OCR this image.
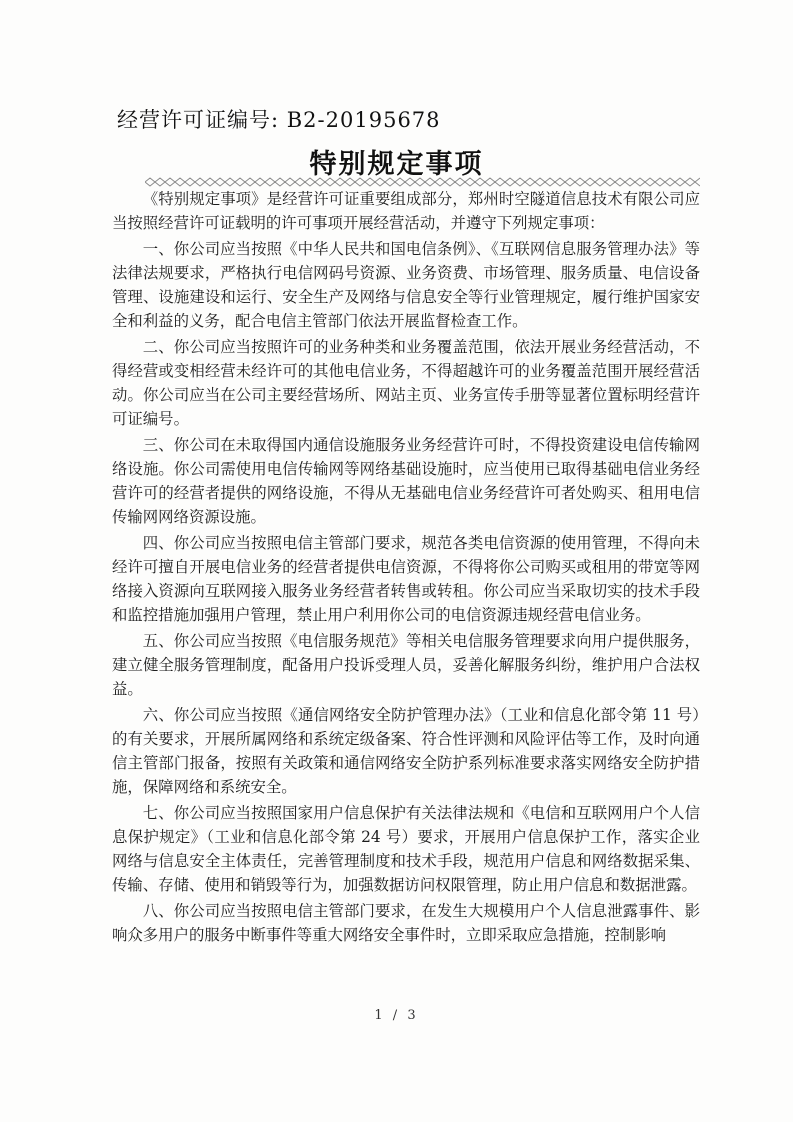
经营许可证编号: B2-20195678
特别规定事项

《特别规定事项》是经营许可证重要组成部分，郑州时空隧道信息技术有限公司应当按照经营许可证载明的许可事项开展经营活动，并遵守下列规定事项：

一、你公司应当按照《中华人民共和国电信条例》、《互联网信息服务管理办法》等法律法规要求，严格执行电信网码号资源、业务资费、市场管理、服务质量、电信设备管理、设施建设和运行、安全生产及网络与信息安全等行业管理规定，履行维护国家安全和利益的义务，配合电信主管部门依法开展监督检查工作。

二、你公司应当按照许可的业务种类和业务覆盖范围，依法开展业务经营活动，不得经营或变相经营未经许可的其他电信业务，不得超越许可的业务覆盖范围开展经营活动。你公司应当在公司主要经营场所、网站主页、业务宣传手册等显著位置标明经营许可证编号。

三、你公司在未取得国内通信设施服务业务经营许可时，不得投资建设电信传输网络设施。你公司需使用电信传输网等网络基础设施时，应当使用已取得基础电信业务经营许可的经营者提供的网络设施，不得从无基础电信业务经营许可者处购买、租用电信传输网网络资源设施。

四、你公司应当按照电信主管部门要求，规范各类电信资源的使用管理，不得向未经许可擅自开展电信业务的经营者提供电信资源，不得将你公司购买或租用的带宽等网络接入资源向互联网接入服务业务经营者转售或转租。你公司应当采取切实的技术手段和监控措施加强用户管理，禁止用户利用你公司的电信资源违规经营电信业务。

五、你公司应当按照《电信服务规范》等相关电信服务管理要求向用户提供服务，建立健全服务管理制度，配备用户投诉受理人员，妥善化解服务纠纷，维护用户合法权益。

六、你公司应当按照《通信网络安全防护管理办法》（工业和信息化部令第 11 号）的有关要求，开展所属网络和系统定级备案、符合性评测和风险评估等工作，及时向通信主管部门报备，按照有关政策和通信网络安全防护系列标准要求落实网络安全防护措施，保障网络和系统安全。

七、你公司应当按照国家用户信息保护有关法律法规和《电信和互联网用户个人信息保护规定》（工业和信息化部令第 24 号）要求，开展用户信息保护工作，落实企业网络与信息安全主体责任，完善管理制度和技术手段，规范用户信息和网络数据采集、传输、存储、使用和销毁等行为，加强数据访问权限管理，防止用户信息和数据泄露。

八、你公司应当按照电信主管部门要求，在发生大规模用户个人信息泄露事件、影响众多用户的服务中断事件等重大网络安全事件时，立即采取应急措施，控制影响

1 / 3
